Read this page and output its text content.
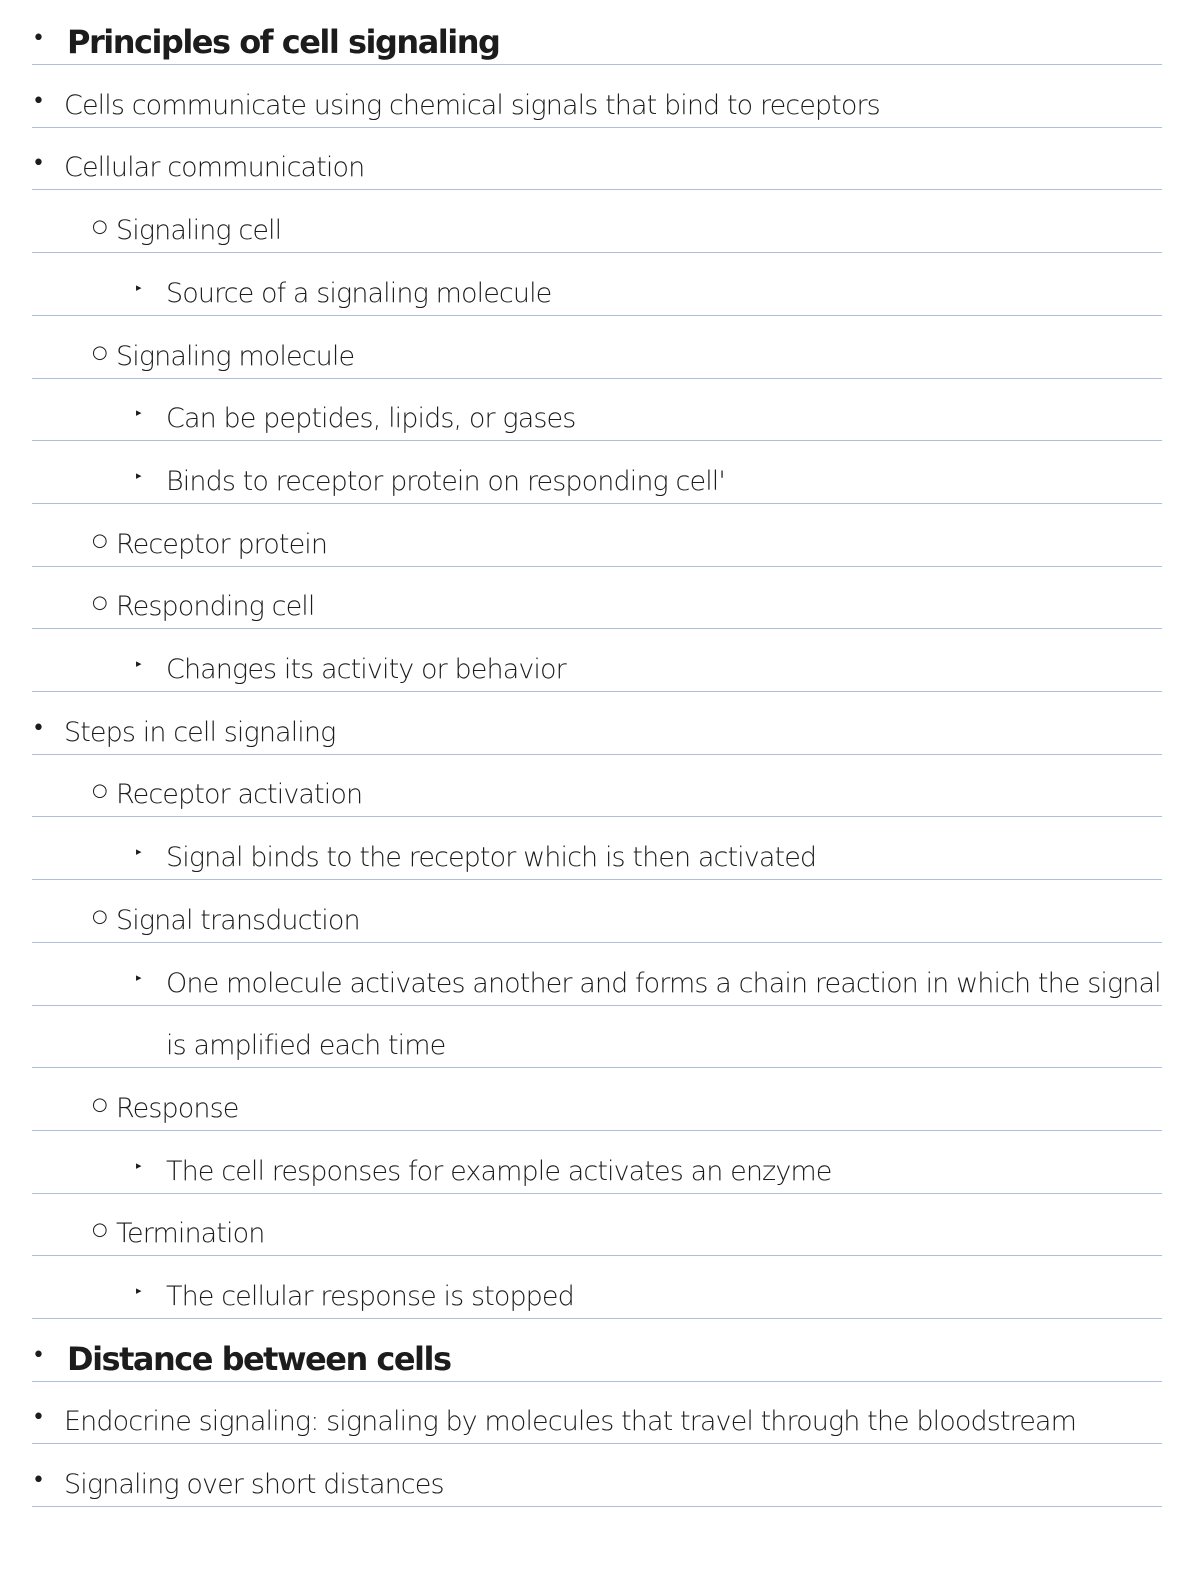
• Principles of cell signaling
• Cells communicate using chemical signals that bind to receptors
• Cellular communication
○ Signaling cell
▸ Source of a signaling molecule
○ Signaling molecule
▸ Can be peptides, lipids, or gases
▸ Binds to receptor protein on responding cell'
○ Receptor protein
○ Responding cell
▸ Changes its activity or behavior
• Steps in cell signaling
○ Receptor activation
▸ Signal binds to the receptor which is then activated
○ Signal transduction
▸ One molecule activates another and forms a chain reaction in which the signal
is amplified each time
○ Response
▸ The cell responses for example activates an enzyme
○ Termination
▸ The cellular response is stopped
• Distance between cells
• Endocrine signaling: signaling by molecules that travel through the bloodstream
• Signaling over short distances
